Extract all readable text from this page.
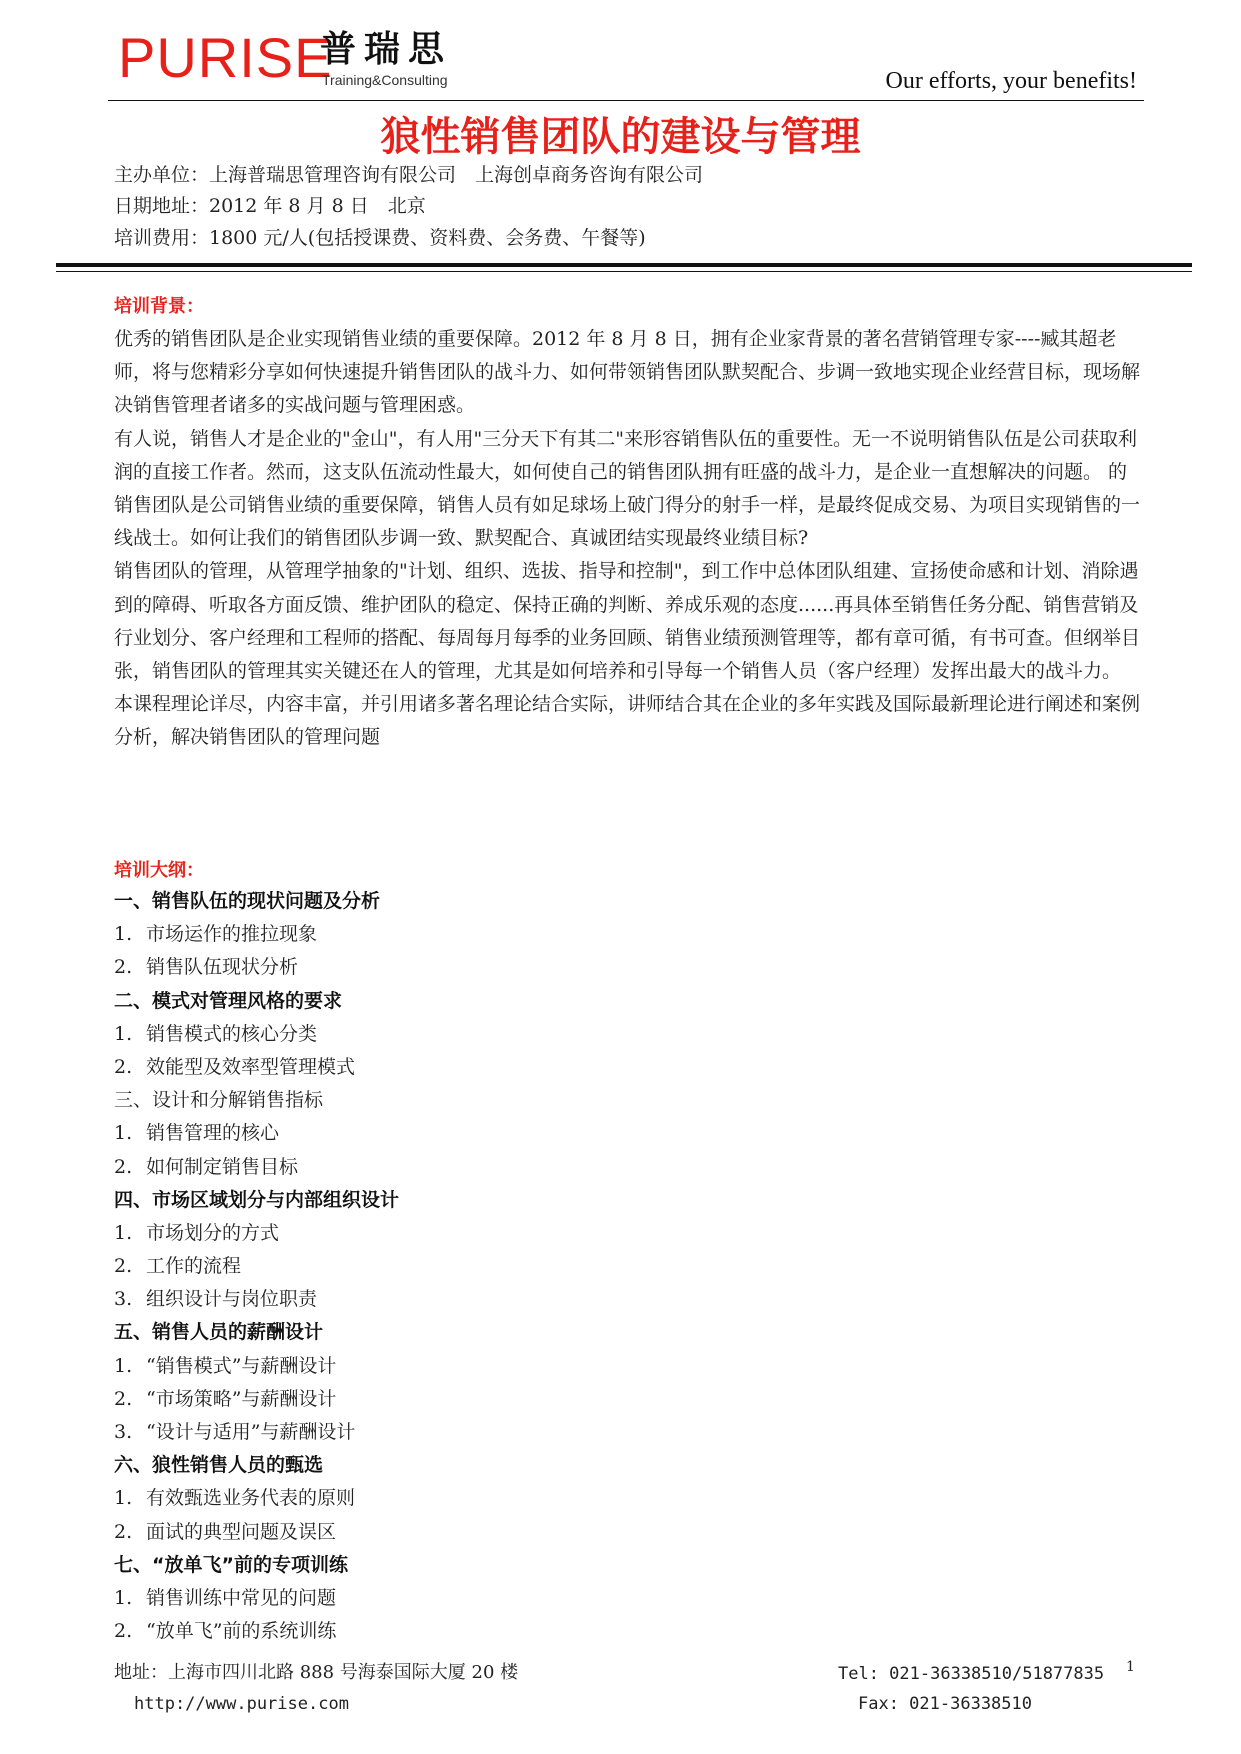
PURISE
普瑞思
Training&Consulting	Our efforts, your benefits!
狼性销售团队的建设与管理
主办单位：上海普瑞思管理咨询有限公司　上海创卓商务咨询有限公司
日期地址：2012 年 8 月 8 日　北京
培训费用：1800 元/人(包括授课费、资料费、会务费、午餐等)
培训背景：

优秀的销售团队是企业实现销售业绩的重要保障。2012 年 8 月 8 日，拥有企业家背景的著名营销管理专家----臧其超老师，将与您精彩分享如何快速提升销售团队的战斗力、如何带领销售团队默契配合、步调一致地实现企业经营目标，现场解决销售管理者诸多的实战问题与管理困惑。

有人说，销售人才是企业的"金山"，有人用"三分天下有其二"来形容销售队伍的重要性。无一不说明销售队伍是公司获取利润的直接工作者。然而，这支队伍流动性最大，如何使自己的销售团队拥有旺盛的战斗力，是企业一直想解决的问题。 的销售团队是公司销售业绩的重要保障，销售人员有如足球场上破门得分的射手一样，是最终促成交易、为项目实现销售的一线战士。如何让我们的销售团队步调一致、默契配合、真诚团结实现最终业绩目标?

销售团队的管理，从管理学抽象的"计划、组织、选拔、指导和控制"，到工作中总体团队组建、宣扬使命感和计划、消除遇到的障碍、听取各方面反馈、维护团队的稳定、保持正确的判断、养成乐观的态度......再具体至销售任务分配、销售营销及行业划分、客户经理和工程师的搭配、每周每月每季的业务回顾、销售业绩预测管理等，都有章可循，有书可查。但纲举目张，销售团队的管理其实关键还在人的管理，尤其是如何培养和引导每一个销售人员（客户经理）发挥出最大的战斗力。

本课程理论详尽，内容丰富，并引用诸多著名理论结合实际，讲师结合其在企业的多年实践及国际最新理论进行阐述和案例分析，解决销售团队的管理问题

培训大纲：
一、销售队伍的现状问题及分析
1. 市场运作的推拉现象
2. 销售队伍现状分析
二、模式对管理风格的要求
1. 销售模式的核心分类
2. 效能型及效率型管理模式
三、设计和分解销售指标
1. 销售管理的核心
2. 如何制定销售目标
四、市场区域划分与内部组织设计
1. 市场划分的方式
2. 工作的流程
3. 组织设计与岗位职责
五、销售人员的薪酬设计
1. “销售模式”与薪酬设计
2. “市场策略”与薪酬设计
3. “设计与适用”与薪酬设计
六、狼性销售人员的甄选
1. 有效甄选业务代表的原则
2. 面试的典型问题及误区
七、“放单飞”前的专项训练
1. 销售训练中常见的问题
2. “放单飞”前的系统训练
地址：上海市四川北路 888 号海泰国际大厦 20 楼
http://www.purise.com
Tel: 021-36338510/51877835 1
Fax: 021-36338510
